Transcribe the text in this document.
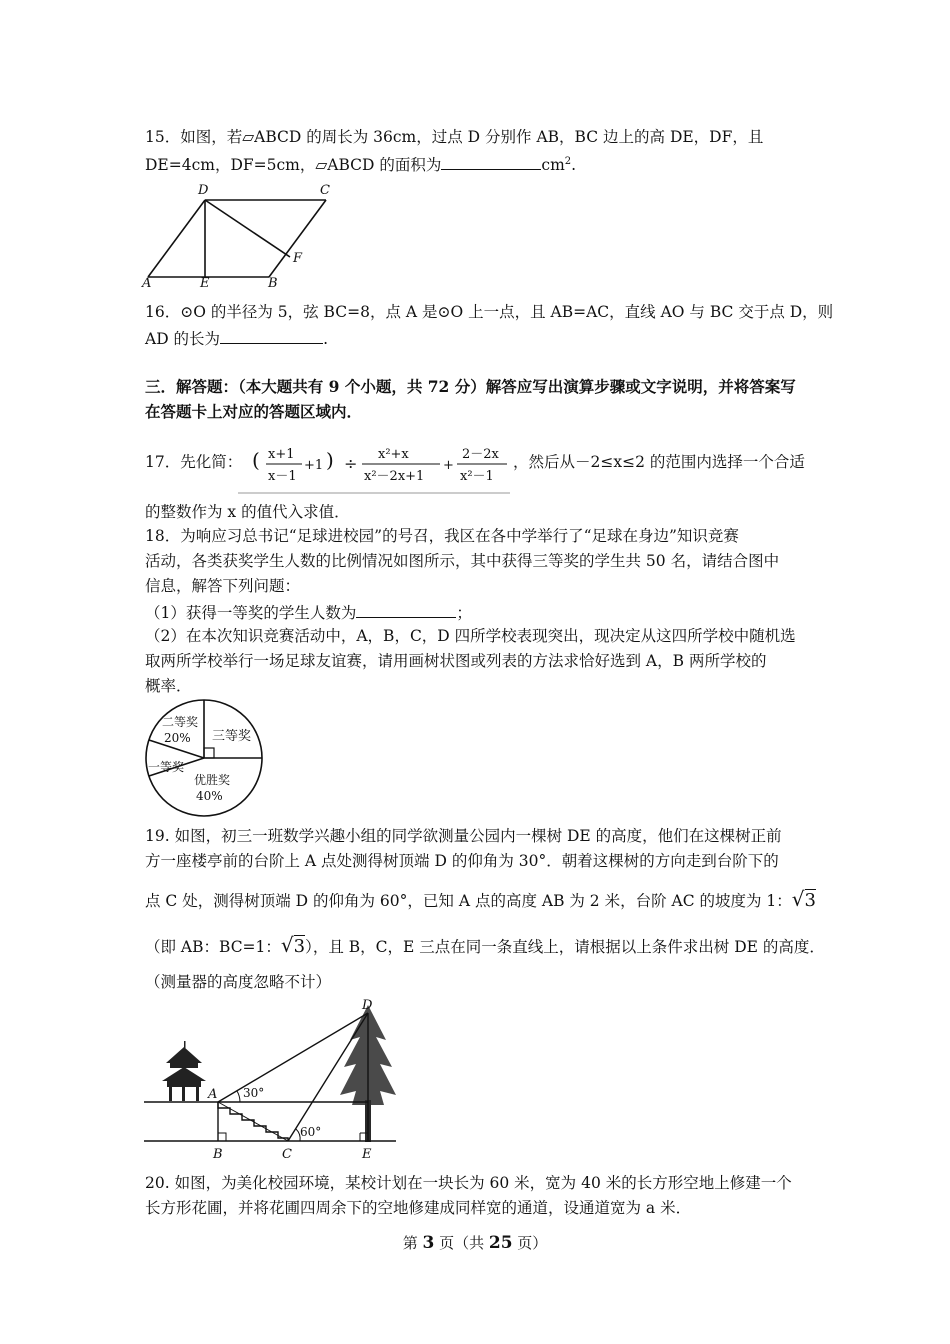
15．如图，若▱ABCD 的周长为 36cm，过点 D 分别作 AB，BC 边上的高 DE，DF，且
DE=4cm，DF=5cm，▱ABCD 的面积为	$cm^2$.
D	C
A	E	B
F
16．⊙O 的半径为 5，弦 BC=8，点 A 是⊙O 上一点，且 AB=AC，直线 AO 与 BC 交于点 D，则
AD 的长为	.
三．解答题：（本大题共有 9 个小题，共 72 分）解答应写出演算步骤或文字说明，并将答案写
在答题卡上对应的答题区域内．
17．先化简： ( x+1
x－1
+1 ) ÷ x²+x
x²－2x+1
+
2－2x
x²－1
，然后从－2≤x≤2 的范围内选择一个合适
的整数作为 x 的值代入求值．
18．为响应习总书记“足球进校园”的号召，我区在各中学举行了“足球在身边”知识竞赛
活动，各类获奖学生人数的比例情况如图所示，其中获得三等奖的学生共 50 名，请结合图中
信息，解答下列问题：
（1）获得一等奖的学生人数为	；
（2）在本次知识竞赛活动中，A，B，C，D 四所学校表现突出，现决定从这四所学校中随机选
取两所学校举行一场足球友谊赛，请用画树状图或列表的方法求恰好选到 A，B 两所学校的
概率．
二等奖
20% 三等奖
一等奖
优胜奖
40%
19. 如图，初三一班数学兴趣小组的同学欲测量公园内一棵树 DE 的高度，他们在这棵树正前
方一座楼亭前的台阶上 A 点处测得树顶端 D 的仰角为 30°．朝着这棵树的方向走到台阶下的
点 C 处，测得树顶端 D 的仰角为 60°，已知 A 点的高度 AB 为 2 米，台阶 AC 的坡度为 1：√3
（即 AB：BC=1：√3），且 B，C，E 三点在同一条直线上，请根据以上条件求出树 DE 的高度．
（测量器的高度忽略不计）
D
A
B	C	E
30°
60°
20. 如图，为美化校园环境，某校计划在一块长为 60 米，宽为 40 米的长方形空地上修建一个
长方形花圃，并将花圃四周余下的空地修建成同样宽的通道，设通道宽为 a 米．
第 3 页（共 25 页）
